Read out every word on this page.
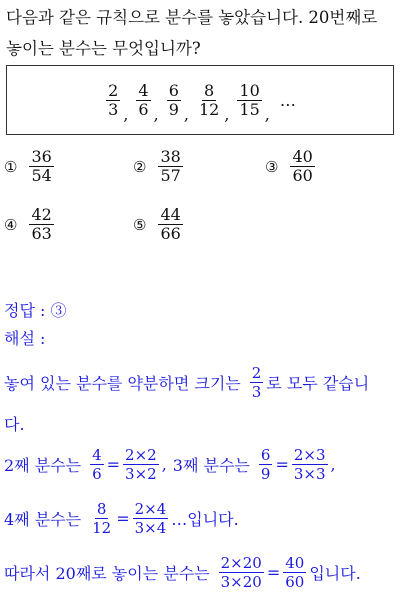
다음과 같은 규칙으로 분수를 놓았습니다. 20번째로 놓이는 분수는 무엇입니까?
$\frac{2}{3}$ , $\frac{4}{6}$ , $\frac{6}{9}$ , $\frac{8}{12}$ , $\frac{10}{15}$ ,
…
① $\frac{36}{54}$	② $\frac{38}{57}$	③ $\frac{40}{60}$
④ $\frac{42}{63}$	⑤ $\frac{44}{66}$
정답 : ③
해설 :
놓여 있는 분수를 약분하면 크기는 $\frac{2}{3}$ 로 모두 같습니
다.
2째 분수는 $\frac{4}{6} = \frac{2\times 2}{3\times 2}$ , 3째 분수는 $\frac{6}{9} = \frac{2\times 3}{3\times 3}$ ,
4째 분수는 $\frac{8}{12} = \frac{2\times 4}{3\times 4}$ …입니다.
따라서 20째로 놓이는 분수는 $\frac{2\times 20}{3\times 20} = \frac{40}{60}$ 입니다.
